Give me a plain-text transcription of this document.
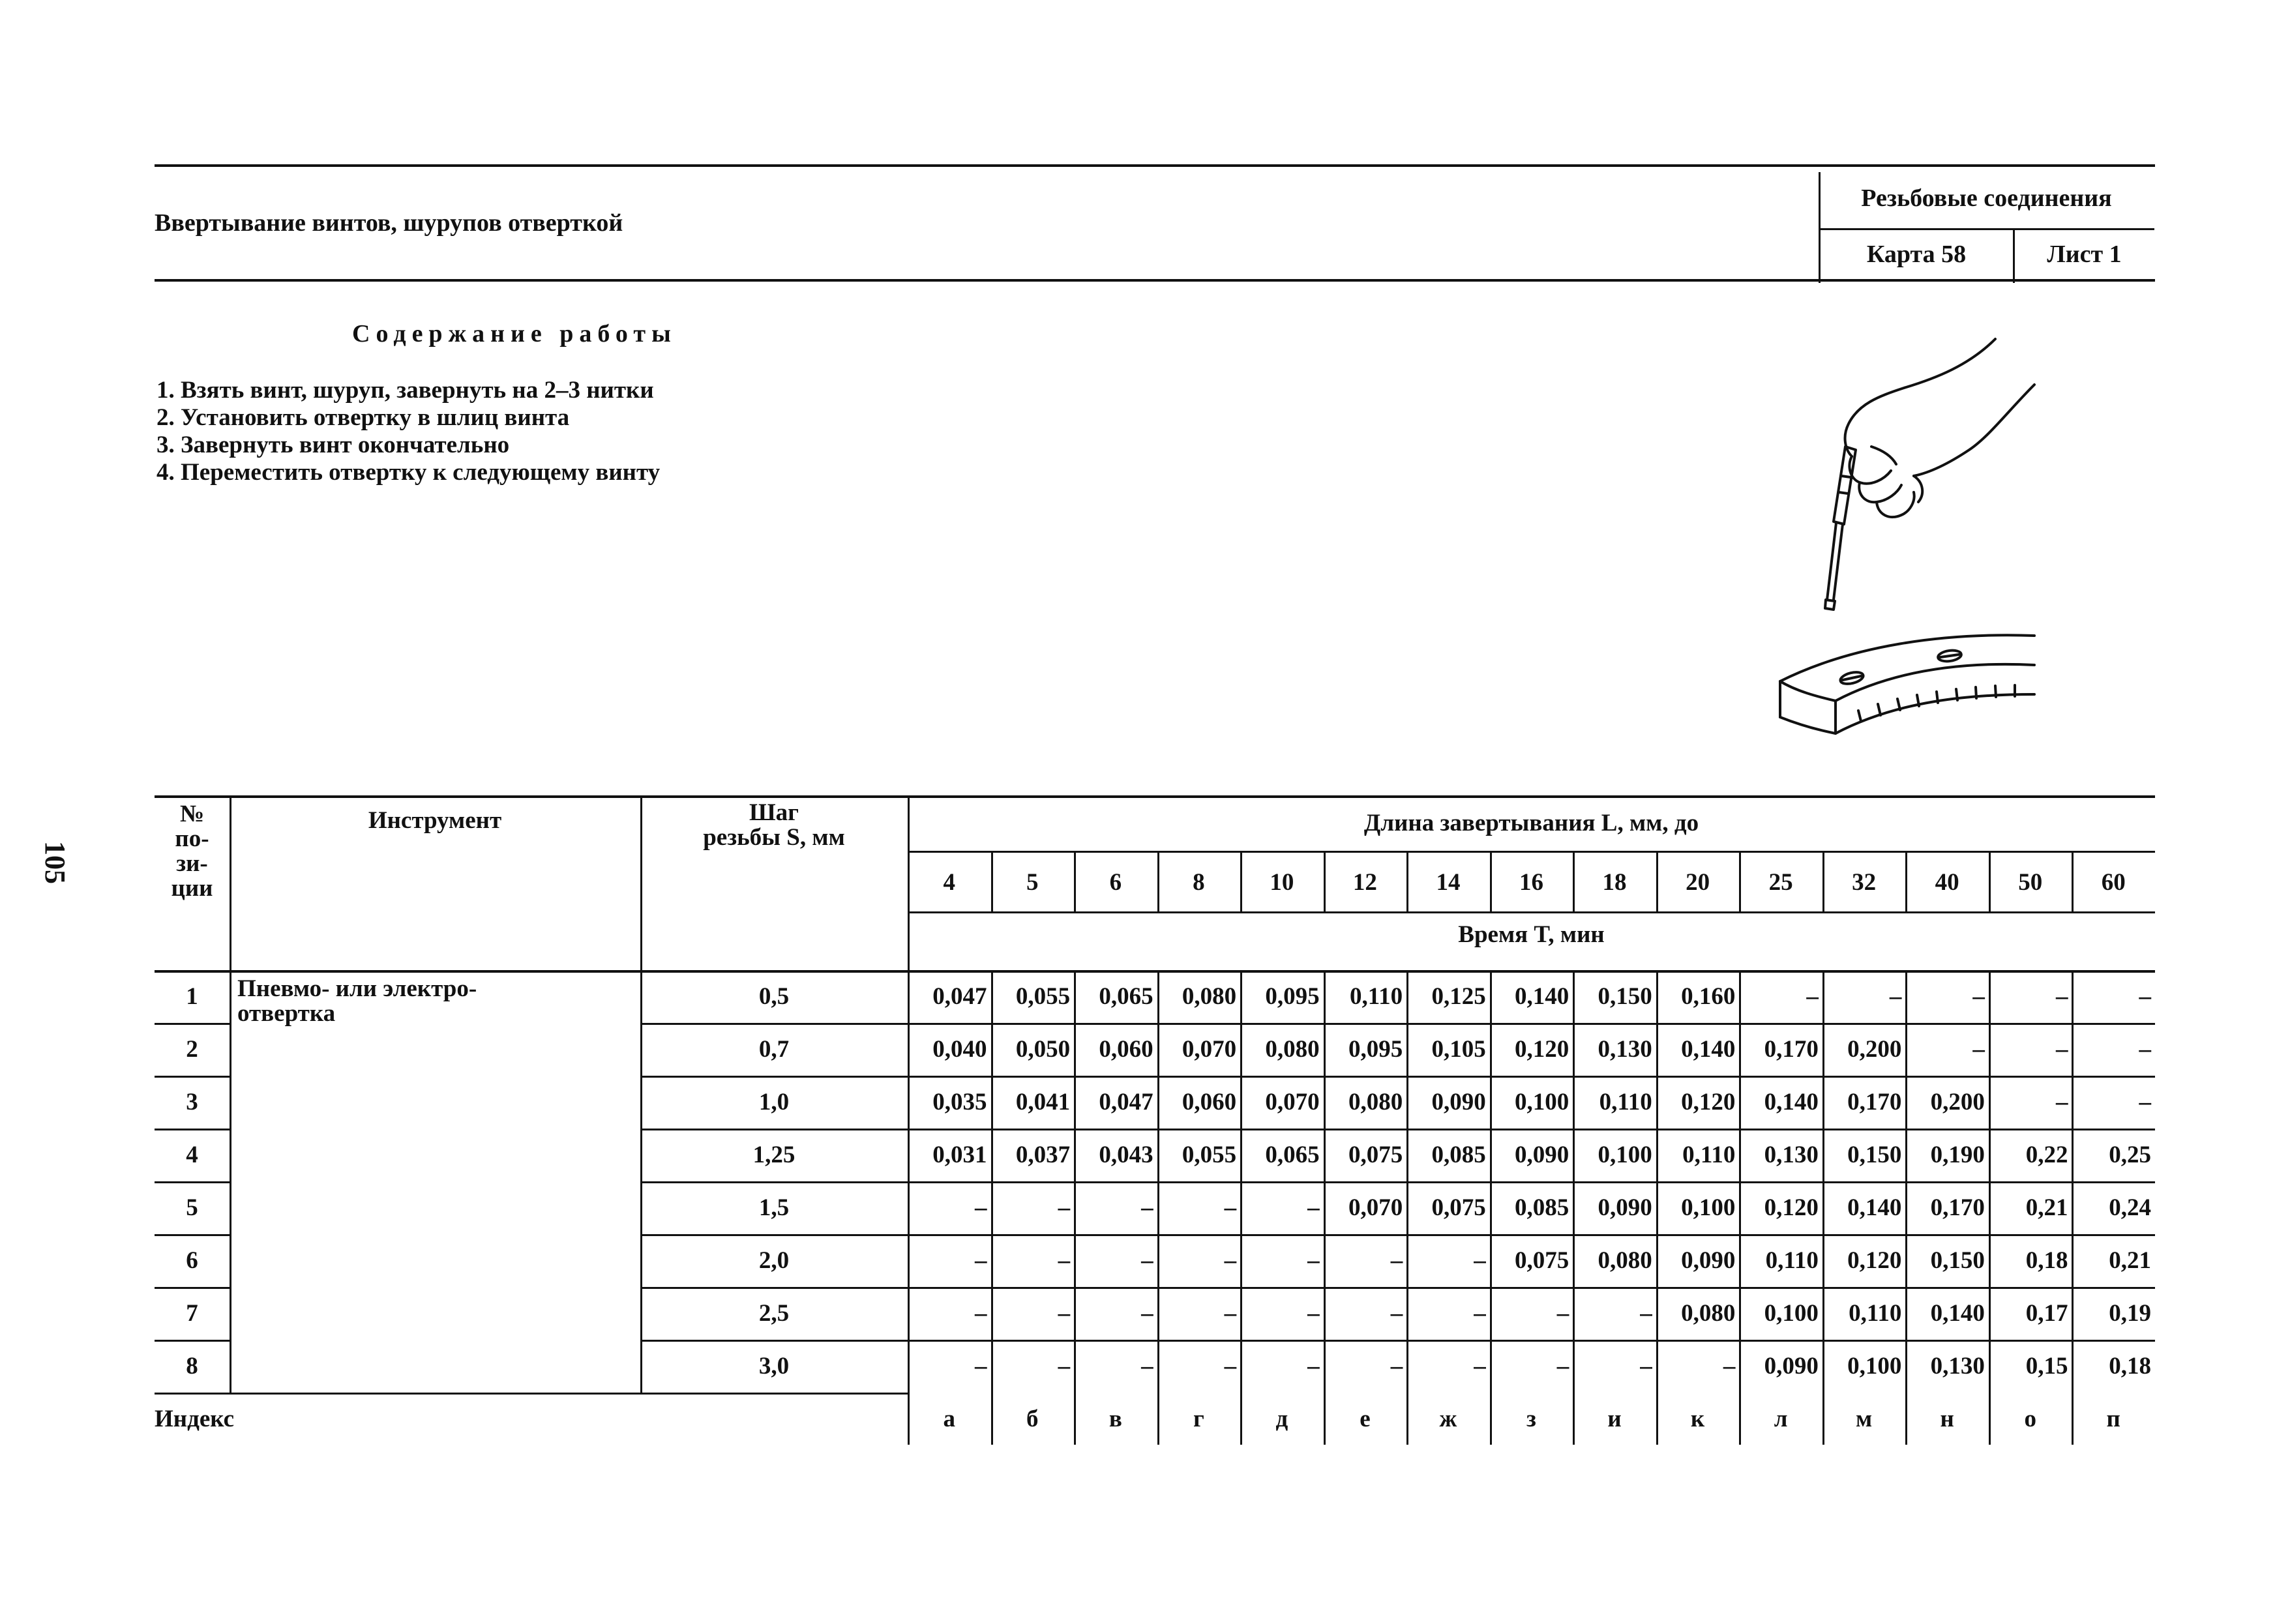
Ввертывание винтов, шурупов отверткой
Резьбовые соединения
Карта 58	Лист 1
Содержание работы
1. Взять винт, шуруп, завернуть на 2–3 нитки
2. Установить отвертку в шлиц винта
3. Завернуть винт окончательно
4. Переместить отвертку к следующему винту
105
№
по-
зи-
ции
Инструмент	Шаг
резьбы S, мм
Длина завертывания L, мм, до
4	5	6	8	10	12	14	16	18	20	25	32	40	50	60
Время T, мин
1	0,5	0,047	0,055	0,065	0,080	0,095	0,110	0,125	0,140	0,150	0,160	–	–	–	–	–
2	0,7	0,040	0,050	0,060	0,070	0,080	0,095	0,105	0,120	0,130	0,140	0,170	0,200	–	–	–
3	1,0	0,035	0,041	0,047	0,060	0,070	0,080	0,090	0,100	0,110	0,120	0,140	0,170	0,200	–	–
4	1,25	0,031	0,037	0,043	0,055	0,065	0,075	0,085	0,090	0,100	0,110	0,130	0,150	0,190	0,22	0,25
5	1,5	–	–	–	–	–	0,070	0,075	0,085	0,090	0,100	0,120	0,140	0,170	0,21	0,24
6	2,0	–	–	–	–	–	–	–	0,075	0,080	0,090	0,110	0,120	0,150	0,18	0,21
7	2,5	–	–	–	–	–	–	–	–	–	0,080	0,100	0,110	0,140	0,17	0,19
8	3,0	–	–	–	–	–	–	–	–	–	–	0,090	0,100	0,130	0,15	0,18
Пневмо- или электро-
отвертка
Индекс	а	б	в	г	д	е	ж	з	и	к	л	м	н	о	п
